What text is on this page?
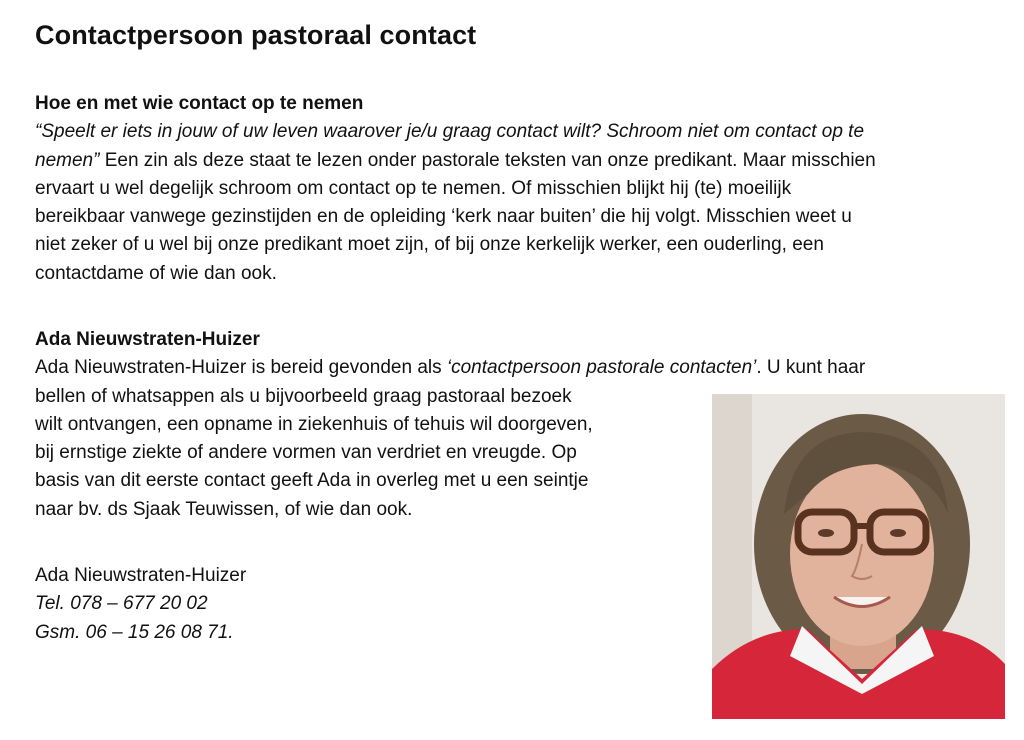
Contactpersoon pastoraal contact
Hoe en met wie contact op te nemen
“Speelt er iets in jouw of uw leven waarover je/u graag contact wilt? Schroom niet om contact op te
nemen” Een zin als deze staat te lezen onder pastorale teksten van onze predikant. Maar misschien
ervaart u wel degelijk schroom om contact op te nemen. Of misschien blijkt hij (te) moeilijk
bereikbaar vanwege gezinstijden en de opleiding ‘kerk naar buiten’ die hij volgt. Misschien weet u
niet zeker of u wel bij onze predikant moet zijn, of bij onze kerkelijk werker, een ouderling, een
contactdame of wie dan ook.
Ada Nieuwstraten-Huizer
Ada Nieuwstraten-Huizer is bereid gevonden als ‘contactpersoon pastorale contacten’. U kunt haar
bellen of whatsappen als u bijvoorbeeld graag pastoraal bezoek
wilt ontvangen, een opname in ziekenhuis of tehuis wil doorgeven,
bij ernstige ziekte of andere vormen van verdriet en vreugde. Op
basis van dit eerste contact geeft Ada in overleg met u een seintje
naar bv. ds Sjaak Teuwissen, of wie dan ook.
Ada Nieuwstraten-Huizer
Tel. 078 – 677 20 02
Gsm. 06 – 15 26 08 71.
